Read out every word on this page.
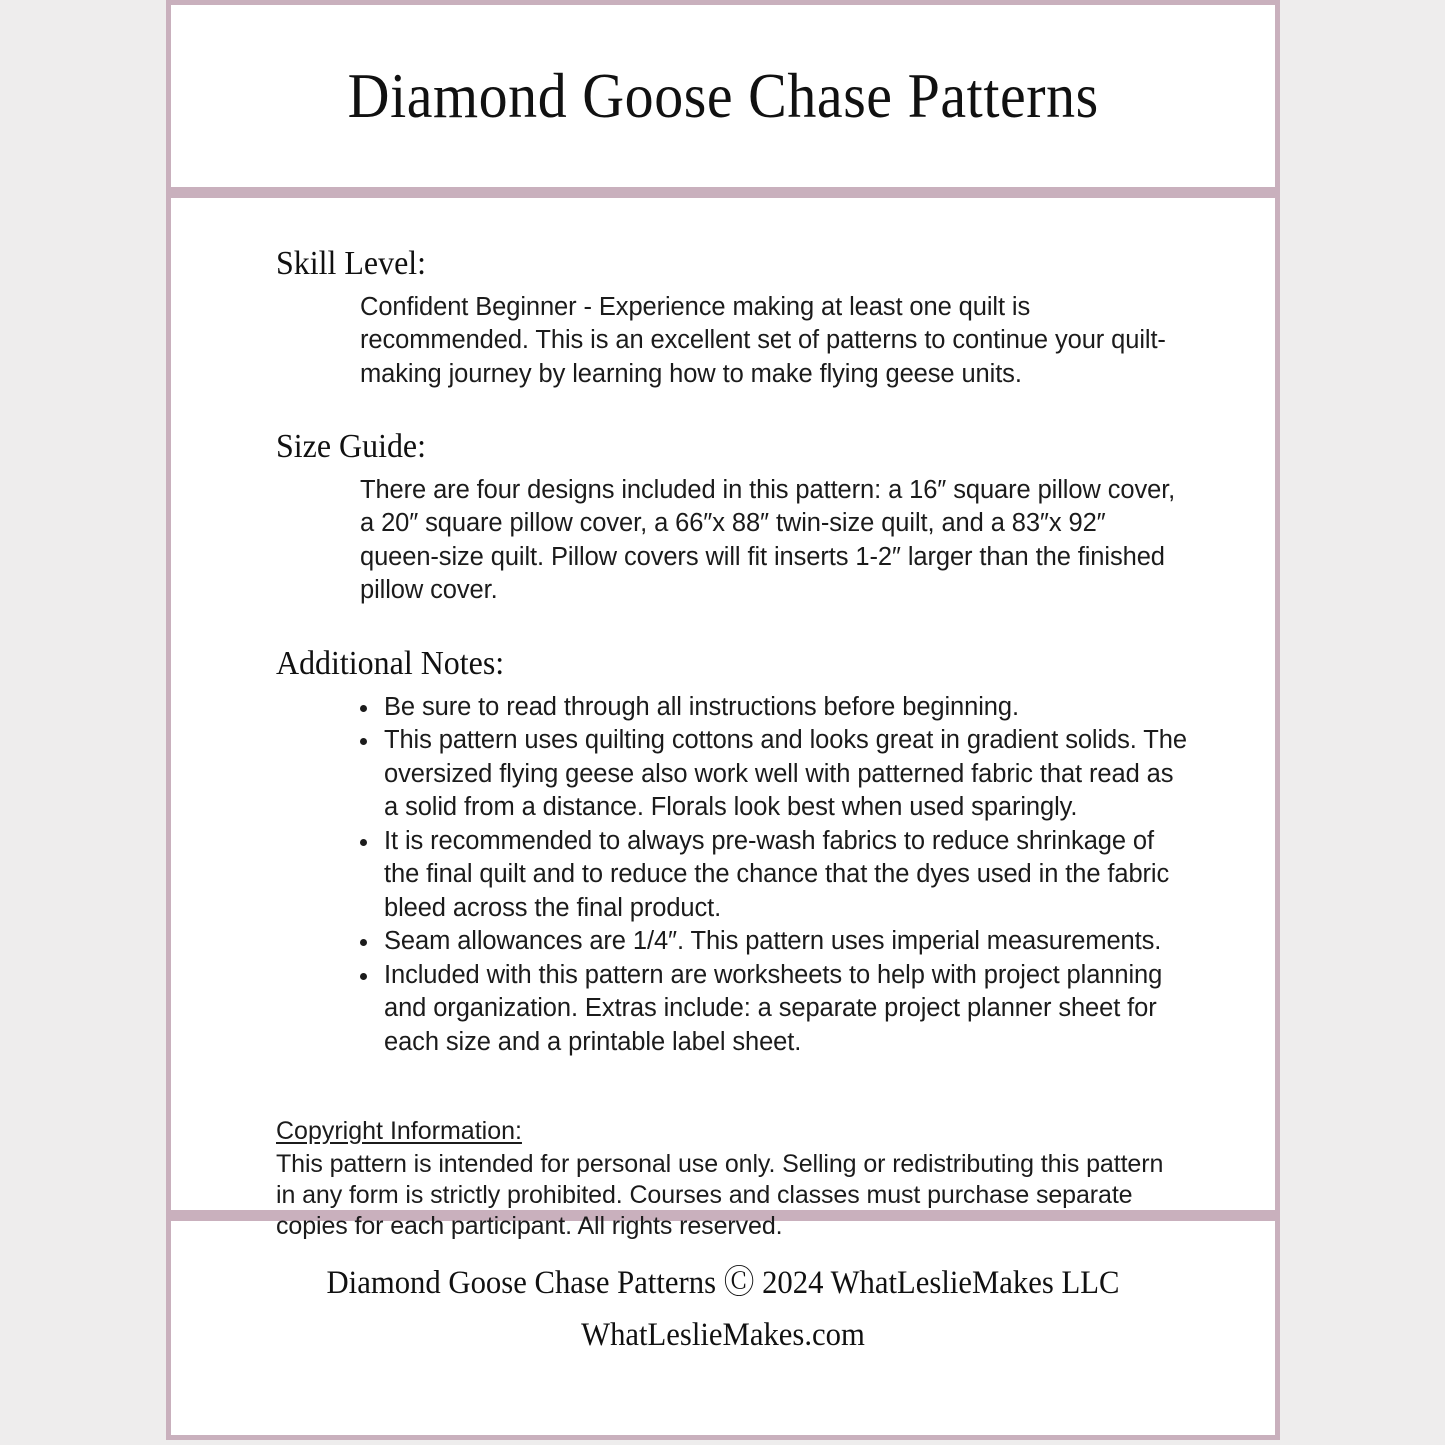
Diamond Goose Chase Patterns
Skill Level:

Confident Beginner - Experience making at least one quilt is recommended. This is an excellent set of patterns to continue your quilt-making journey by learning how to make flying geese units.

Size Guide:

There are four designs included in this pattern: a 16″ square pillow cover, a 20″ square pillow cover, a 66″x 88″ twin-size quilt, and a 83″x 92″ queen-size quilt. Pillow covers will fit inserts 1-2″ larger than the finished pillow cover.

Additional Notes:
Be sure to read through all instructions before beginning.
This pattern uses quilting cottons and looks great in gradient solids. The oversized flying geese also work well with patterned fabric that read as a solid from a distance. Florals look best when used sparingly.
It is recommended to always pre-wash fabrics to reduce shrinkage of the final quilt and to reduce the chance that the dyes used in the fabric bleed across the final product.
Seam allowances are 1/4″. This pattern uses imperial measurements.
Included with this pattern are worksheets to help with project planning and organization. Extras include: a separate project planner sheet for each size and a printable label sheet.
Copyright Information:

This pattern is intended for personal use only. Selling or redistributing this pattern in any form is strictly prohibited. Courses and classes must purchase separate copies for each participant. All rights reserved.

Diamond Goose Chase Patterns Ⓒ 2024 WhatLeslieMakes LLC
WhatLeslieMakes.com
